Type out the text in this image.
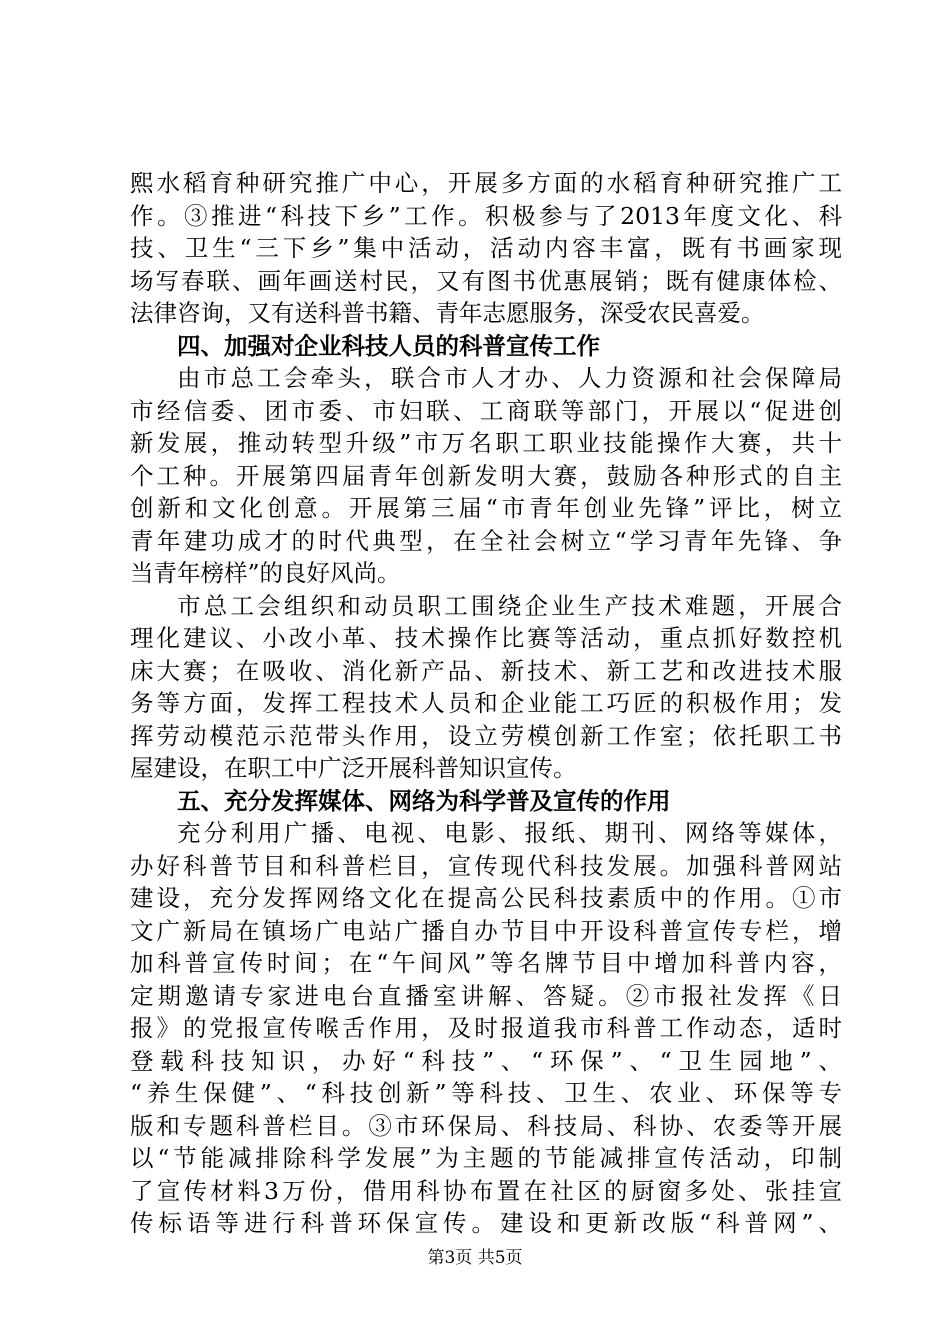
熙水稻育种研究推广中心，开展多方面的水稻育种研究推广工
作。③推进“科技下乡”工作。积极参与了2013年度文化、科
技、卫生“三下乡”集中活动，活动内容丰富，既有书画家现
场写春联、画年画送村民，又有图书优惠展销；既有健康体检、
法律咨询，又有送科普书籍、青年志愿服务，深受农民喜爱。
四、加强对企业科技人员的科普宣传工作
由市总工会牵头，联合市人才办、人力资源和社会保障局
市经信委、团市委、市妇联、工商联等部门，开展以“促进创
新发展，推动转型升级”市万名职工职业技能操作大赛，共十
个工种。开展第四届青年创新发明大赛，鼓励各种形式的自主
创新和文化创意。开展第三届“市青年创业先锋”评比，树立
青年建功成才的时代典型，在全社会树立“学习青年先锋、争
当青年榜样”的良好风尚。
市总工会组织和动员职工围绕企业生产技术难题，开展合
理化建议、小改小革、技术操作比赛等活动，重点抓好数控机
床大赛；在吸收、消化新产品、新技术、新工艺和改进技术服
务等方面，发挥工程技术人员和企业能工巧匠的积极作用；发
挥劳动模范示范带头作用，设立劳模创新工作室；依托职工书
屋建设，在职工中广泛开展科普知识宣传。
五、充分发挥媒体、网络为科学普及宣传的作用
充分利用广播、电视、电影、报纸、期刊、网络等媒体，
办好科普节目和科普栏目，宣传现代科技发展。加强科普网站
建设，充分发挥网络文化在提高公民科技素质中的作用。①市
文广新局在镇场广电站广播自办节目中开设科普宣传专栏，增
加科普宣传时间；在“午间风”等名牌节目中增加科普内容，
定期邀请专家进电台直播室讲解、答疑。②市报社发挥《日
报》的党报宣传喉舌作用，及时报道我市科普工作动态，适时
登载科技知识，办好“科技”、“环保”、“卫生园地”、
“养生保健”、“科技创新”等科技、卫生、农业、环保等专
版和专题科普栏目。③市环保局、科技局、科协、农委等开展
以“节能减排除科学发展”为主题的节能减排宣传活动，印制
了宣传材料3万份，借用科协布置在社区的厨窗多处、张挂宣
传标语等进行科普环保宣传。建设和更新改版“科普网”、
第3页 共5页
